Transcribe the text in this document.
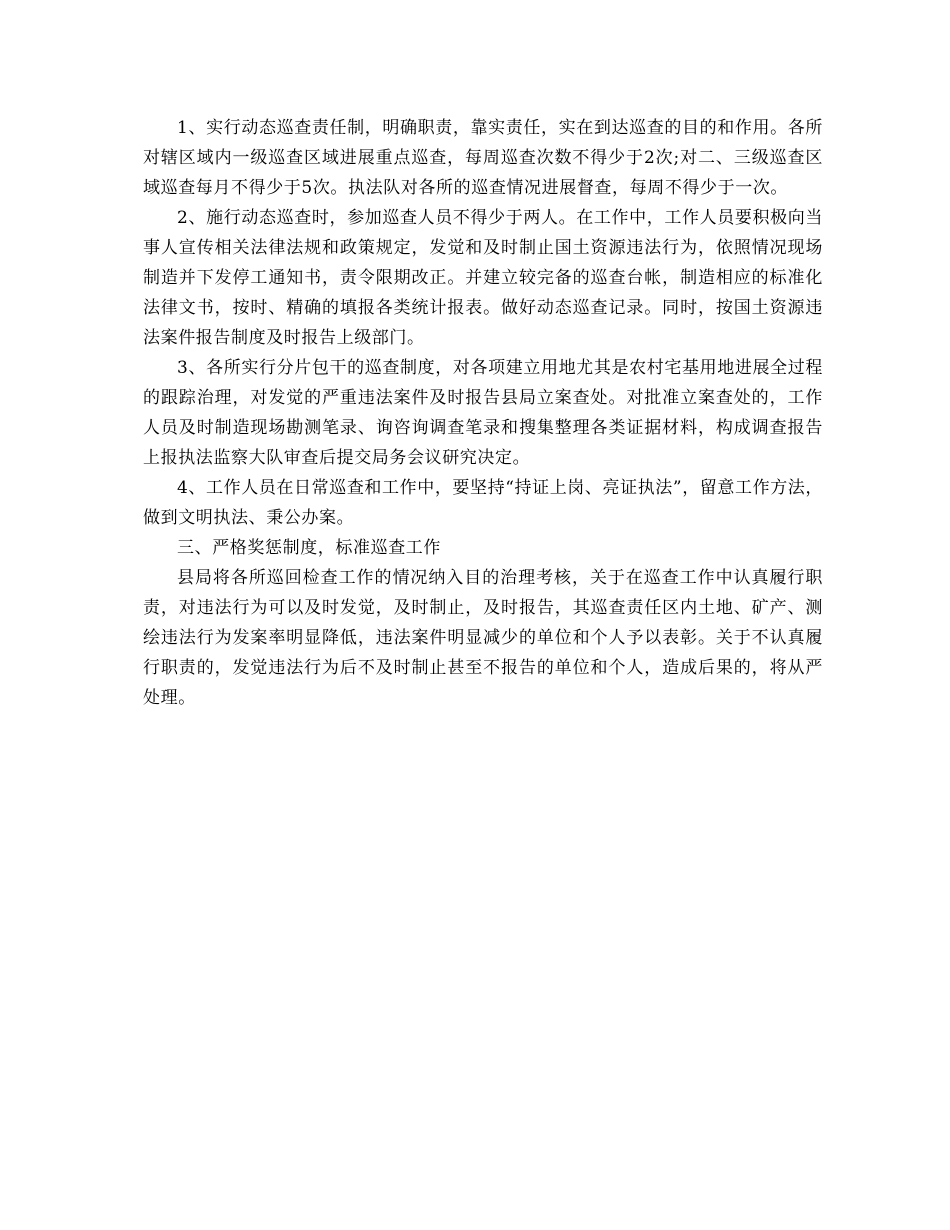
1、实行动态巡查责任制，明确职责，靠实责任，实在到达巡查的目的和作用。各所对辖区域内一级巡查区域进展重点巡查，每周巡查次数不得少于2次;对二、三级巡查区域巡查每月不得少于5次。执法队对各所的巡查情况进展督查，每周不得少于一次。

2、施行动态巡查时，参加巡查人员不得少于两人。在工作中，工作人员要积极向当事人宣传相关法律法规和政策规定，发觉和及时制止国土资源违法行为，依照情况现场制造并下发停工通知书，责令限期改正。并建立较完备的巡查台帐，制造相应的标准化法律文书，按时、精确的填报各类统计报表。做好动态巡查记录。同时，按国土资源违法案件报告制度及时报告上级部门。

3、各所实行分片包干的巡查制度，对各项建立用地尤其是农村宅基用地进展全过程的跟踪治理，对发觉的严重违法案件及时报告县局立案查处。对批准立案查处的，工作人员及时制造现场勘测笔录、询咨询调查笔录和搜集整理各类证据材料，构成调查报告上报执法监察大队审查后提交局务会议研究决定。

4、工作人员在日常巡查和工作中，要坚持“持证上岗、亮证执法”，留意工作方法，做到文明执法、秉公办案。

三、严格奖惩制度，标准巡查工作

县局将各所巡回检查工作的情况纳入目的治理考核，关于在巡查工作中认真履行职责，对违法行为可以及时发觉，及时制止，及时报告，其巡查责任区内土地、矿产、测绘违法行为发案率明显降低，违法案件明显减少的单位和个人予以表彰。关于不认真履行职责的，发觉违法行为后不及时制止甚至不报告的单位和个人，造成后果的，将从严处理。
